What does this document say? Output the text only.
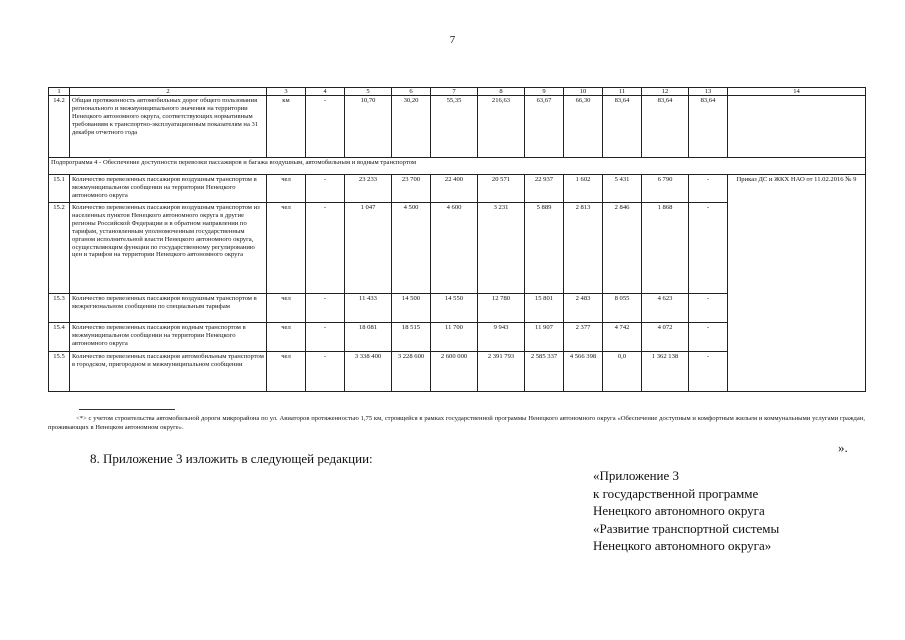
7
1	2	3	4	5	6	7	8	9	10	11	12	13	14
14.2	Общая протяженность автомобильных дорог общего пользования регионального и межмуниципального значения на территории Ненецкого автономного округа, соответствующих нормативным требованиям к транспортно-эксплуатационным показателям на 31 декабря отчетного года	км	-	10,70	30,20	55,35	216,63	63,67	66,30	83,64	83,64	83,64	
Подпрограмма 4 - Обеспечение доступности перевозки пассажиров и багажа воздушным, автомобильным и водным транспортом													
15.1	Количество перевезенных пассажиров воздушным транспортом в межмуниципальном сообщении на территории Ненецкого автономного округа	чел	-	23 233	23 700	22 400	20 571	22 937	1 602	5 431	6 790	-	Приказ ДС и ЖКХ НАО от 11.02.2016 № 9
15.2	Количество перевезенных пассажиров воздушным транспортом из населенных пунктов Ненецкого автономного округа в другие регионы Российской Федерации и в обратном направлении по тарифам, установленным уполномоченным государственным органом исполнительной власти Ненецкого автономного округа, осуществляющим функции по государственному регулированию цен и тарифов на территории Ненецкого автономного округа	чел	-	1 047	4 500	4 600	3 231	5 889	2 813	2 846	1 868	-	
15.3	Количество перевезенных пассажиров воздушным транспортом в межрегиональном сообщении по специальным тарифам	чел	-	11 433	14 500	14 550	12 780	15 801	2 483	8 055	4 623	-	
15.4	Количество перевезенных пассажиров водным транспортом в межмуниципальном сообщении на территории Ненецкого автономного округа	чел	-	18 081	18 515	11 700	9 943	11 907	2 377	4 742	4 072	-	
15.5	Количество перевезенных пассажиров автомобильным транспортом в городском, пригородном и межмуниципальном сообщении	чел	-	3 338 400	3 228 600	2 600 000	2 391 793	2 585 337	4 566 398	0,0	1 362 138	-	
<*> с учетом строительства автомобильной дороги микрорайона по ул. Авиаторов протяженностью 1,75 км, строящейся в рамках государственной программы Ненецкого автономного округа «Обеспечение доступным и комфортным жильем и коммунальными услугами граждан, проживающих в Ненецком автономном округе».
».
8. Приложение 3 изложить в следующей редакции:
«Приложение 3
к государственной программе
Ненецкого автономного округа
«Развитие транспортной системы
Ненецкого автономного округа»
